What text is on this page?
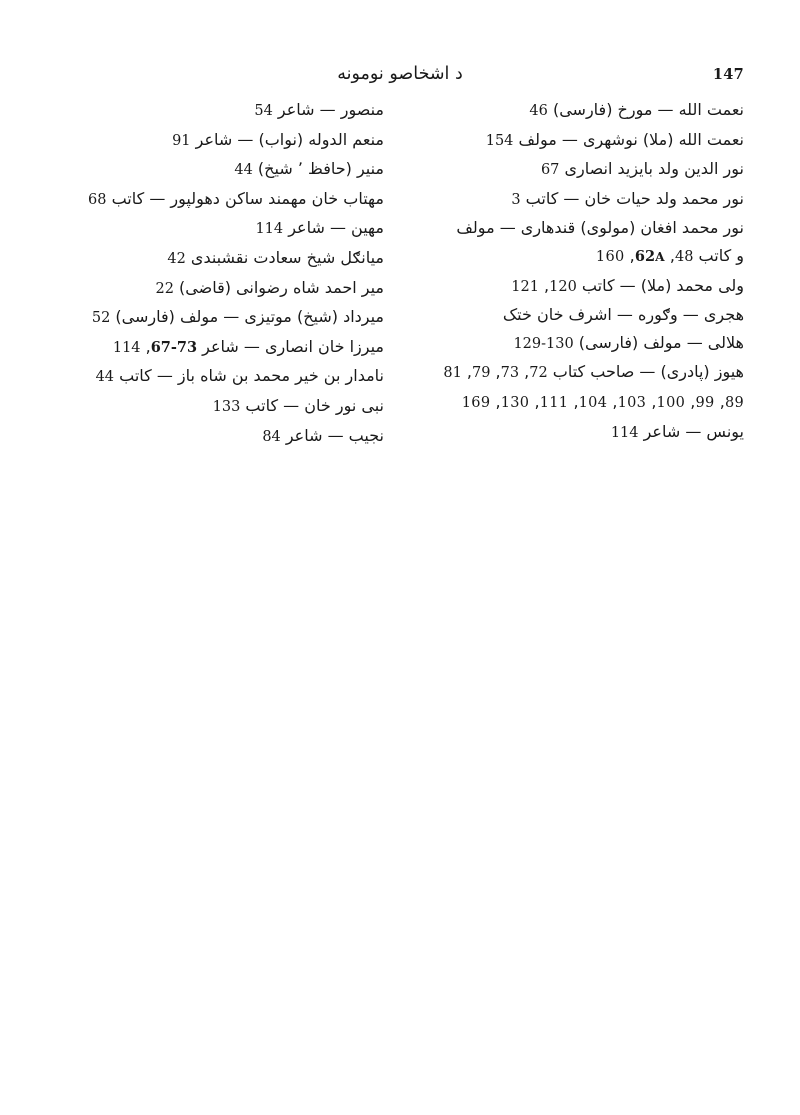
د اشخاصو نومونه	147
نعمت الله — مورخ (فارسی) 46
نعمت الله (ملا) نوشهری — مولف 154
نور الدین ولد بایزید انصاری 67
نور محمد ولد حیات خان — کاتب 3
نور محمد افغان (مولوی) قندهاری — مولف
و کاتب 48, 62A, 160
ولی محمد (ملا) — کاتب 120, 121
هجری — وګوره — اشرف خان ختک
هلالی — مولف (فارسی) 129-130
هیوز (پادری) — صاحب کتاب 72, 73, 79, 81
89, 99, 100, 103, 104, 111, 130, 169
یونس — شاعر 114
منصور — شاعر 54
منعم الدوله (نواب) — شاعر 91
منیر (حافظ ٬ شیخ) 44
مهتاب خان مهمند ساکن دهولپور — کاتب 68
مهین — شاعر 114
میانګل شیخ سعادت نقشبندی 42
میر احمد شاه رضوانی (قاضی) 22
میرداد (شیخ) موتیزی — مولف (فارسی) 52
میرزا خان انصاری — شاعر 67-73, 114
نامدار بن خیر محمد بن شاه باز — کاتب 44
نبی نور خان — کاتب 133
نجیب — شاعر 84
